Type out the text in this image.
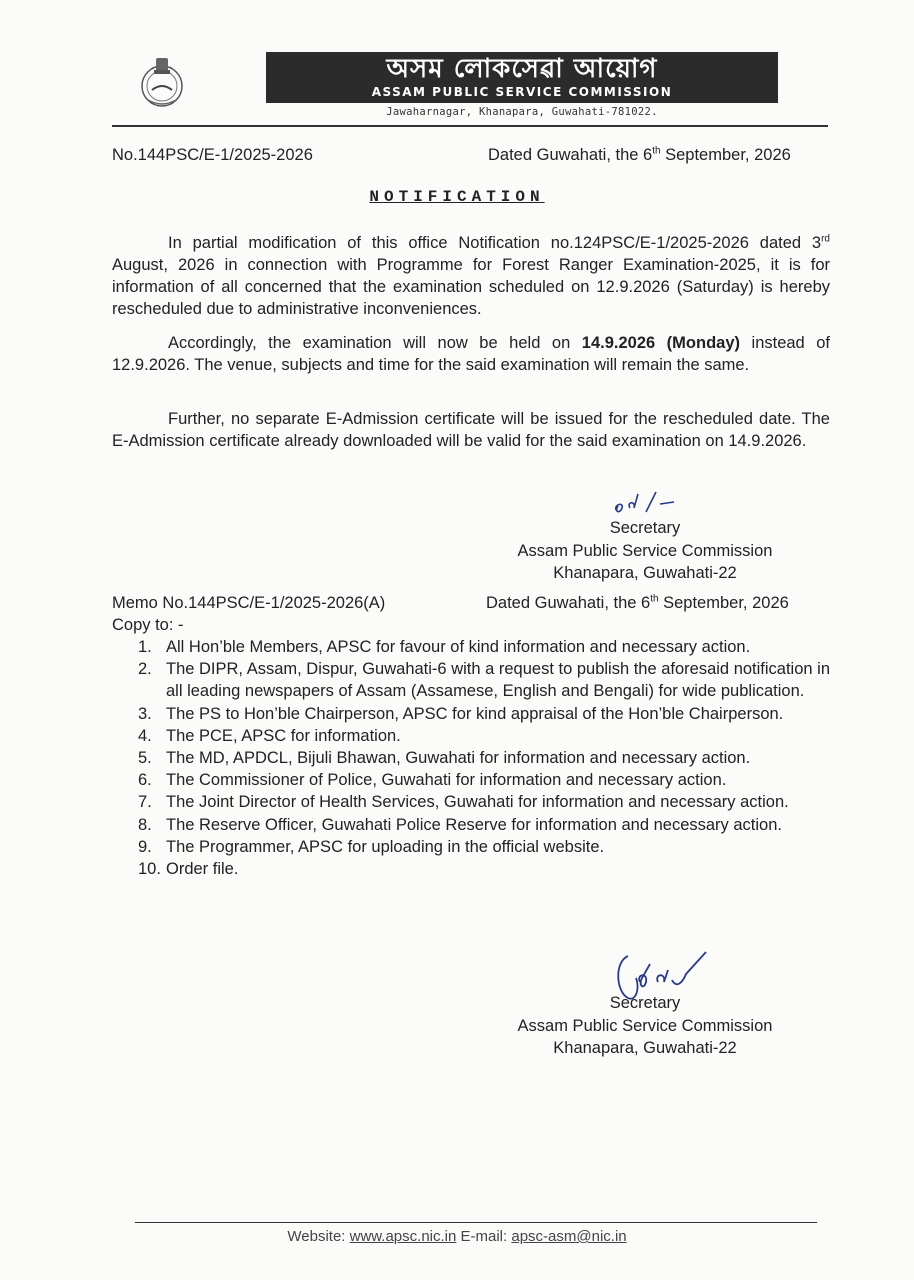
অসম লোকসেৱা আয়োগ
ASSAM PUBLIC SERVICE COMMISSION
Jawaharnagar, Khanapara, Guwahati-781022.
No.144PSC/E-1/2025-2026	Dated Guwahati, the 6th September, 2026
NOTIFICATION
In partial modification of this office Notification no.124PSC/E-1/2025-2026 dated 3rd August, 2026 in connection with Programme for Forest Ranger Examination-2025, it is for information of all concerned that the examination scheduled on 12.9.2026 (Saturday) is hereby rescheduled due to administrative inconveniences.
Accordingly, the examination will now be held on 14.9.2026 (Monday) instead of 12.9.2026. The venue, subjects and time for the said examination will remain the same.
Further, no separate E-Admission certificate will be issued for the rescheduled date. The E-Admission certificate already downloaded will be valid for the said examination on 14.9.2026.
Secretary
Assam Public Service Commission
Khanapara, Guwahati-22
Memo No.144PSC/E-1/2025-2026(A)	Dated Guwahati, the 6th September, 2026
Copy to: -
1. All Hon’ble Members, APSC for favour of kind information and necessary action.
2. The DIPR, Assam, Dispur, Guwahati-6 with a request to publish the aforesaid notification in all leading newspapers of Assam (Assamese, English and Bengali) for wide publication.
3. The PS to Hon’ble Chairperson, APSC for kind appraisal of the Hon’ble Chairperson.
4. The PCE, APSC for information.
5. The MD, APDCL, Bijuli Bhawan, Guwahati for information and necessary action.
6. The Commissioner of Police, Guwahati for information and necessary action.
7. The Joint Director of Health Services, Guwahati for information and necessary action.
8. The Reserve Officer, Guwahati Police Reserve for information and necessary action.
9. The Programmer, APSC for uploading in the official website.
10. Order file.
Secretary
Assam Public Service Commission
Khanapara, Guwahati-22
Website: www.apsc.nic.in E-mail: apsc-asm@nic.in
